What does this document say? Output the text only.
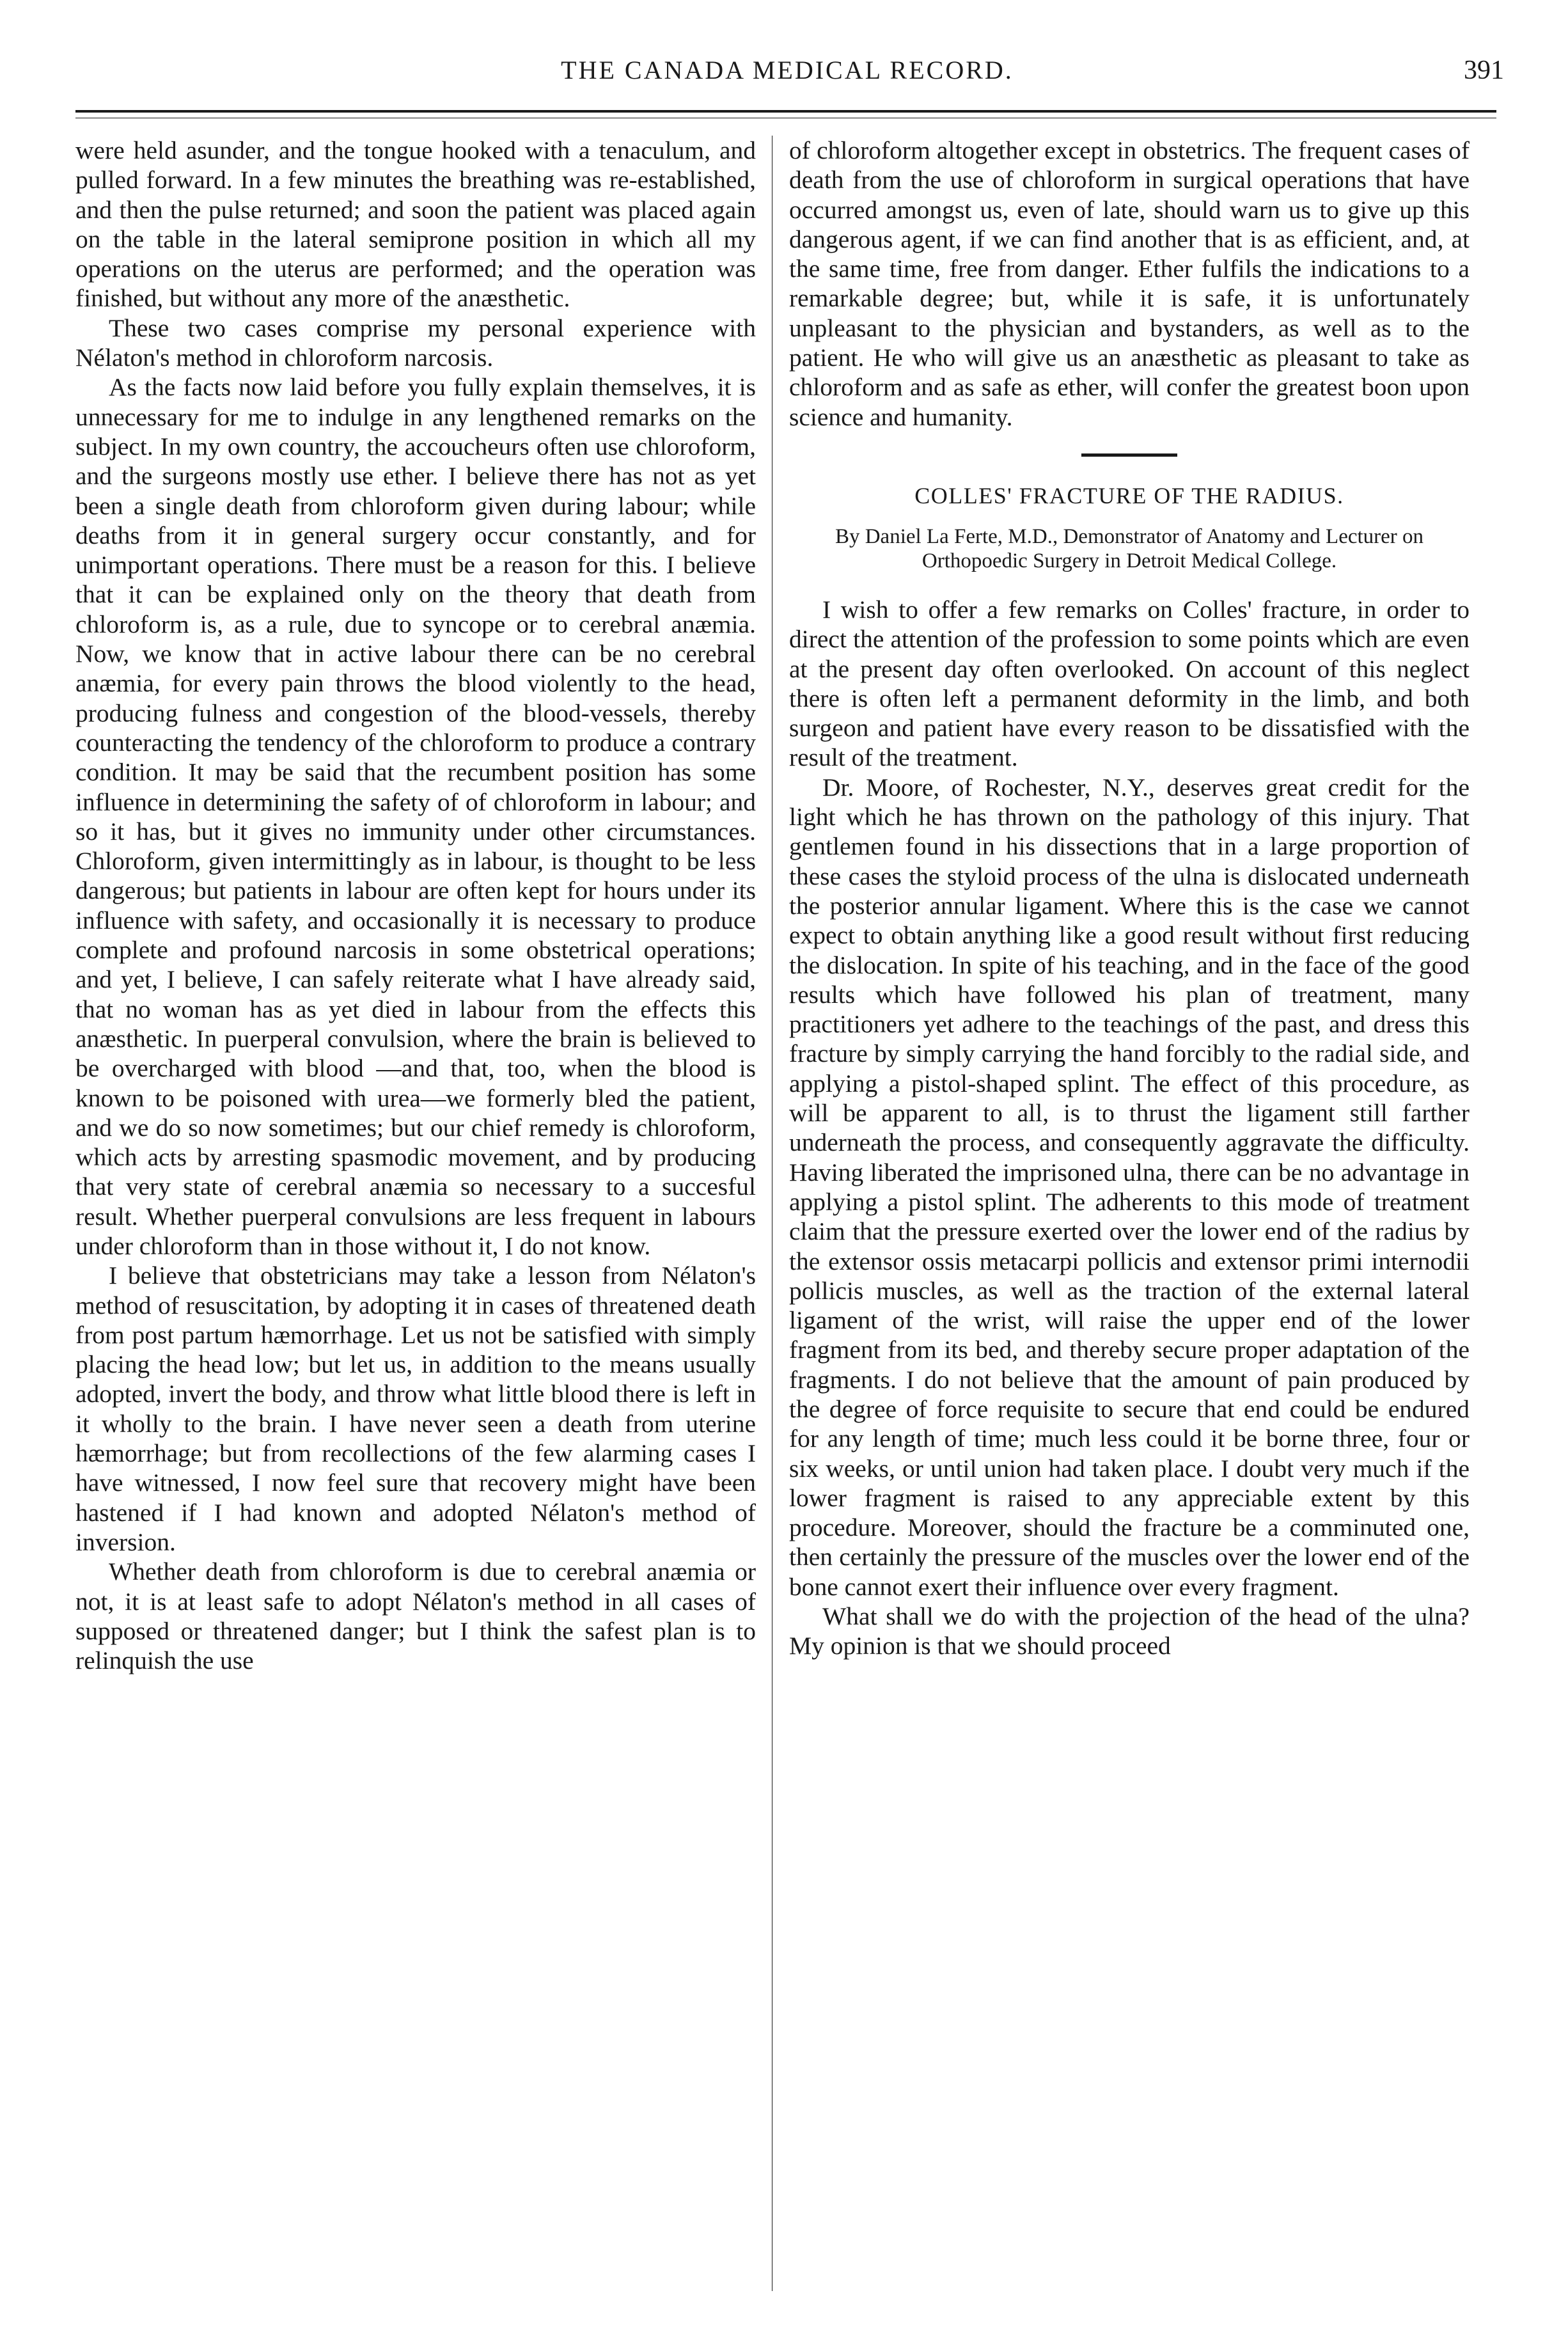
THE CANADA MEDICAL RECORD.	391

were held asunder, and the tongue hooked with a tenaculum, and pulled forward. In a few minutes the breathing was re-established, and then the pulse returned; and soon the patient was placed again on the table in the lateral semiprone position in which all my operations on the uterus are performed; and the operation was finished, but without any more of the anæsthetic.

These two cases comprise my personal experience with Nélaton's method in chloroform narcosis.

As the facts now laid before you fully explain themselves, it is unnecessary for me to indulge in any lengthened remarks on the subject. In my own country, the accoucheurs often use chloroform, and the surgeons mostly use ether. I believe there has not as yet been a single death from chloroform given during labour; while deaths from it in general surgery occur constantly, and for unimportant operations. There must be a reason for this. I believe that it can be explained only on the theory that death from chloroform is, as a rule, due to syncope or to cerebral anæmia. Now, we know that in active labour there can be no cerebral anæmia, for every pain throws the blood violently to the head, producing fulness and congestion of the blood-vessels, thereby counteracting the tendency of the chloroform to produce a contrary condition. It may be said that the recumbent position has some influence in determining the safety of of chloroform in labour; and so it has, but it gives no immunity under other circumstances. Chloroform, given intermittingly as in labour, is thought to be less dangerous; but patients in labour are often kept for hours under its influence with safety, and occasionally it is necessary to produce complete and profound narcosis in some obstetrical operations; and yet, I believe, I can safely reiterate what I have already said, that no woman has as yet died in labour from the effects this anæsthetic. In puerperal convulsion, where the brain is believed to be overcharged with blood —and that, too, when the blood is known to be poisoned with urea—we formerly bled the patient, and we do so now sometimes; but our chief remedy is chloroform, which acts by arresting spasmodic movement, and by producing that very state of cerebral anæmia so necessary to a succesful result. Whether puerperal convulsions are less frequent in labours under chloroform than in those without it, I do not know.

I believe that obstetricians may take a lesson from Nélaton's method of resuscitation, by adopting it in cases of threatened death from post partum hæmorrhage. Let us not be satisfied with simply placing the head low; but let us, in addition to the means usually adopted, invert the body, and throw what little blood there is left in it wholly to the brain. I have never seen a death from uterine hæmorrhage; but from recollections of the few alarming cases I have witnessed, I now feel sure that recovery might have been hastened if I had known and adopted Nélaton's method of inversion.

Whether death from chloroform is due to cerebral anæmia or not, it is at least safe to adopt Nélaton's method in all cases of supposed or threatened danger; but I think the safest plan is to relinquish the use

of chloroform altogether except in obstetrics. The frequent cases of death from the use of chloroform in surgical operations that have occurred amongst us, even of late, should warn us to give up this dangerous agent, if we can find another that is as efficient, and, at the same time, free from danger. Ether fulfils the indications to a remarkable degree; but, while it is safe, it is unfortunately unpleasant to the physician and bystanders, as well as to the patient. He who will give us an anæsthetic as pleasant to take as chloroform and as safe as ether, will confer the greatest boon upon science and humanity.

COLLES' FRACTURE OF THE RADIUS.
By Daniel La Ferte, M.D., Demonstrator of Anatomy and Lecturer on Orthopoedic Surgery in Detroit Medical College.

I wish to offer a few remarks on Colles' fracture, in order to direct the attention of the profession to some points which are even at the present day often overlooked. On account of this neglect there is often left a permanent deformity in the limb, and both surgeon and patient have every reason to be dissatisfied with the result of the treatment.

Dr. Moore, of Rochester, N.Y., deserves great credit for the light which he has thrown on the pathology of this injury. That gentlemen found in his dissections that in a large proportion of these cases the styloid process of the ulna is dislocated underneath the posterior annular ligament. Where this is the case we cannot expect to obtain anything like a good result without first reducing the dislocation. In spite of his teaching, and in the face of the good results which have followed his plan of treatment, many practitioners yet adhere to the teachings of the past, and dress this fracture by simply carrying the hand forcibly to the radial side, and applying a pistol-shaped splint. The effect of this procedure, as will be apparent to all, is to thrust the ligament still farther underneath the process, and consequently aggravate the difficulty. Having liberated the imprisoned ulna, there can be no advantage in applying a pistol splint. The adherents to this mode of treatment claim that the pressure exerted over the lower end of the radius by the extensor ossis metacarpi pollicis and extensor primi internodii pollicis muscles, as well as the traction of the external lateral ligament of the wrist, will raise the upper end of the lower fragment from its bed, and thereby secure proper adaptation of the fragments. I do not believe that the amount of pain produced by the degree of force requisite to secure that end could be endured for any length of time; much less could it be borne three, four or six weeks, or until union had taken place. I doubt very much if the lower fragment is raised to any appreciable extent by this procedure. Moreover, should the fracture be a comminuted one, then certainly the pressure of the muscles over the lower end of the bone cannot exert their influence over every fragment.

What shall we do with the projection of the head of the ulna? My opinion is that we should proceed
